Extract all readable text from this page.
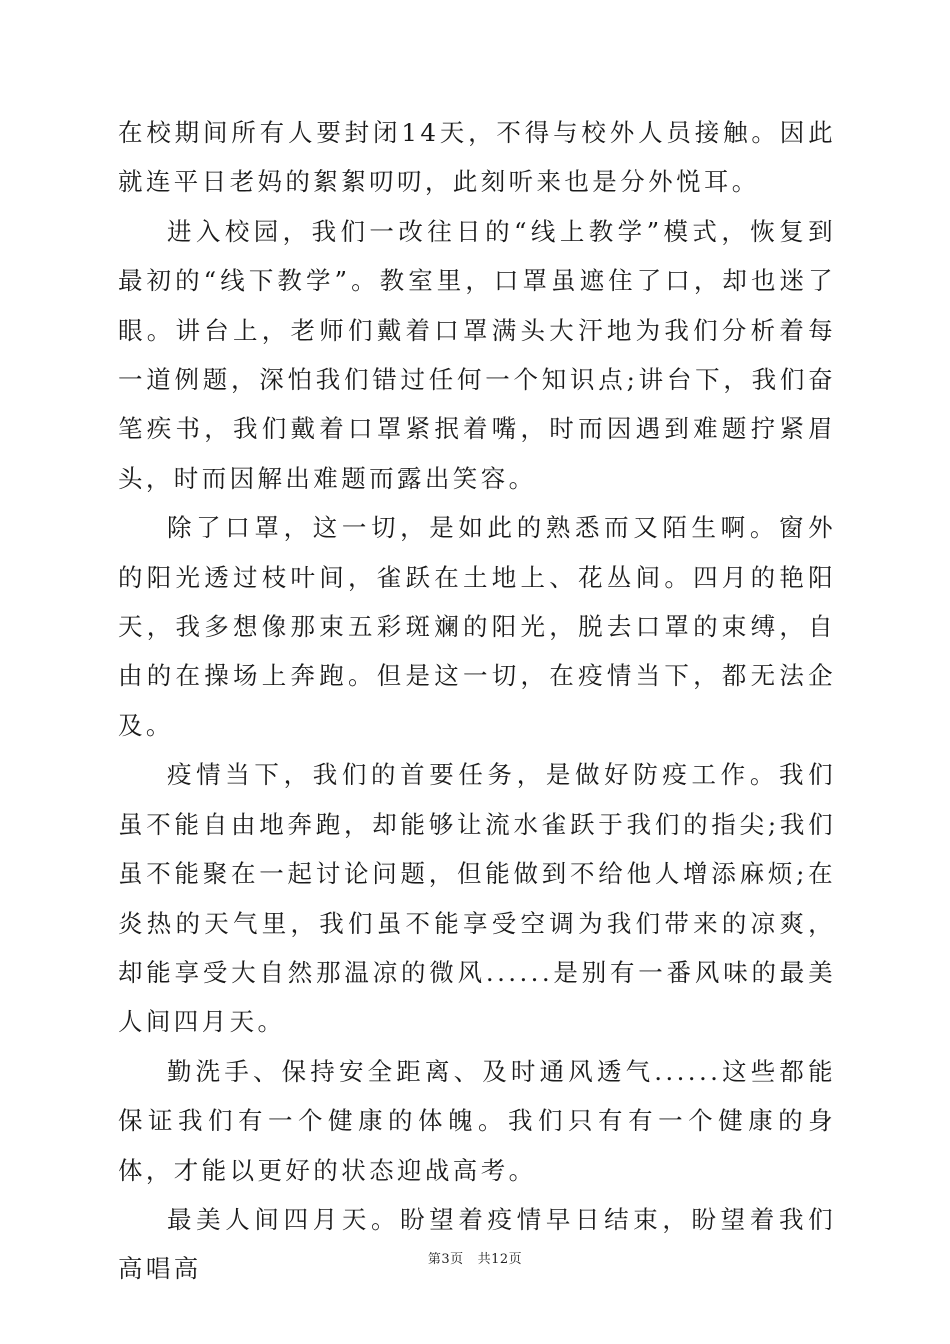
在校期间所有人要封闭14天，不得与校外人员接触。因此就连平日老妈的絮絮叨叨，此刻听来也是分外悦耳。

进入校园，我们一改往日的“线上教学”模式，恢复到最初的“线下教学”。教室里，口罩虽遮住了口，却也迷了眼。讲台上，老师们戴着口罩满头大汗地为我们分析着每一道例题，深怕我们错过任何一个知识点;讲台下，我们奋笔疾书，我们戴着口罩紧抿着嘴，时而因遇到难题拧紧眉头，时而因解出难题而露出笑容。

除了口罩，这一切，是如此的熟悉而又陌生啊。窗外的阳光透过枝叶间，雀跃在土地上、花丛间。四月的艳阳天，我多想像那束五彩斑斓的阳光，脱去口罩的束缚，自由的在操场上奔跑。但是这一切，在疫情当下，都无法企及。

疫情当下，我们的首要任务，是做好防疫工作。我们虽不能自由地奔跑，却能够让流水雀跃于我们的指尖;我们虽不能聚在一起讨论问题，但能做到不给他人增添麻烦;在炎热的天气里，我们虽不能享受空调为我们带来的凉爽，却能享受大自然那温凉的微风......是别有一番风味的最美人间四月天。

勤洗手、保持安全距离、及时通风透气......这些都能保证我们有一个健康的体魄。我们只有有一个健康的身体，才能以更好的状态迎战高考。

最美人间四月天。盼望着疫情早日结束，盼望着我们高唱高	第3页 共12页
